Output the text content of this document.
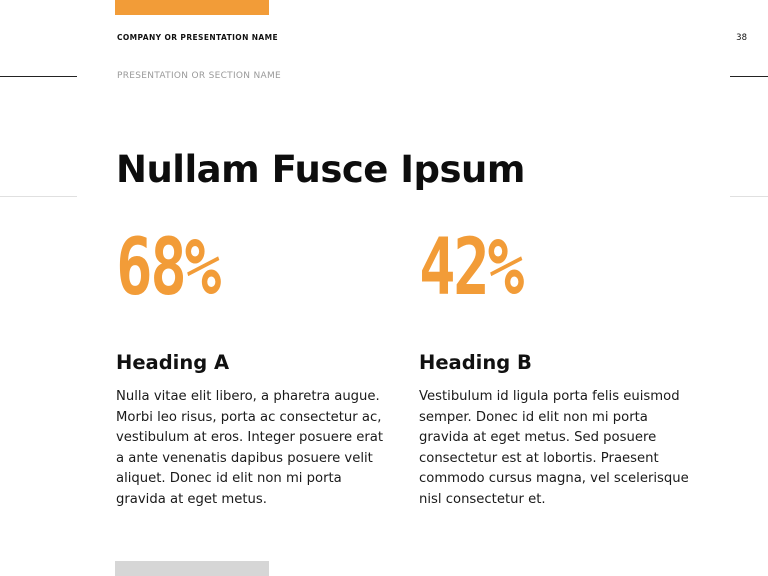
COMPANY OR PRESENTATION NAME	38
PRESENTATION OR SECTION NAME
Nullam Fusce Ipsum
68%
Heading A
Nulla vitae elit libero, a pharetra augue. Morbi leo risus, porta ac consectetur ac, vestibulum at eros. Integer posuere erat a ante venenatis dapibus posuere velit aliquet. Donec id elit non mi porta gravida at eget metus.
42%
Heading B
Vestibulum id ligula porta felis euismod semper. Donec id elit non mi porta gravida at eget metus. Sed posuere consectetur est at lobortis. Praesent commodo cursus magna, vel scelerisque nisl consectetur et.
